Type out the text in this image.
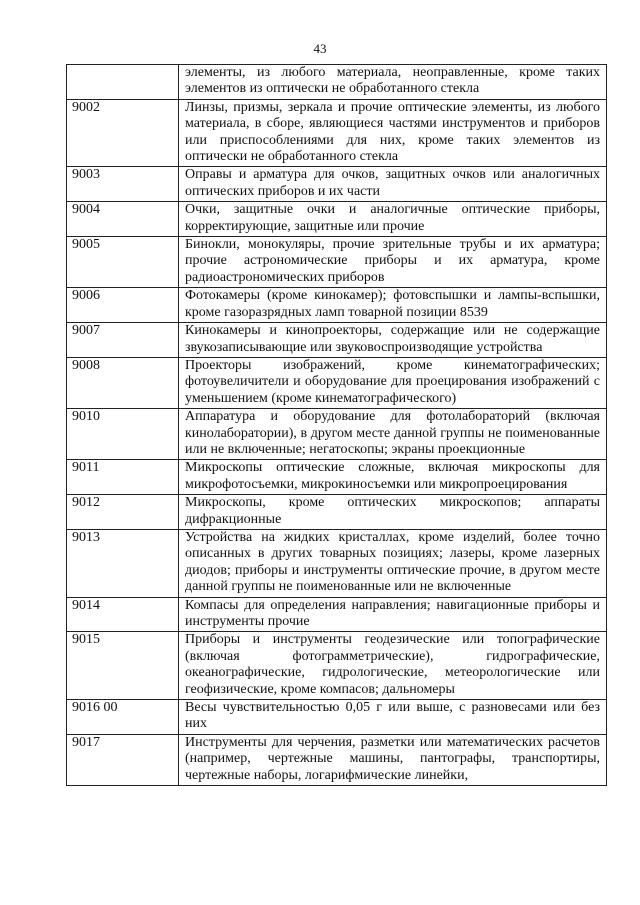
43
	элементы, из любого материала, неоправленные, кроме таких элементов из оптически не обработанного стекла
9002	Линзы, призмы, зеркала и прочие оптические элементы, из любого материала, в сборе, являющиеся частями инструментов и приборов или приспособлениями для них, кроме таких элементов из оптически не обработанного стекла
9003	Оправы и арматура для очков, защитных очков или аналогичных оптических приборов и их части
9004	Очки, защитные очки и аналогичные оптические приборы, корректирующие, защитные или прочие
9005	Бинокли, монокуляры, прочие зрительные трубы и их арматура; прочие астрономические приборы и их арматура, кроме радиоастрономических приборов
9006	Фотокамеры (кроме кинокамер); фотовспышки и лампы-вспышки, кроме газоразрядных ламп товарной позиции 8539
9007	Кинокамеры и кинопроекторы, содержащие или не содержащие звукозаписывающие или звуковоспроизводящие устройства
9008	Проекторы изображений, кроме кинематографических; фотоувеличители и оборудование для проецирования изображений с уменьшением (кроме кинематографического)
9010	Аппаратура и оборудование для фотолабораторий (включая кинолаборатории), в другом месте данной группы не поименованные или не включенные; негатоскопы; экраны проекционные
9011	Микроскопы оптические сложные, включая микроскопы для микрофотосъемки, микрокиносъемки или микропроецирования
9012	Микроскопы, кроме оптических микроскопов; аппараты дифракционные
9013	Устройства на жидких кристаллах, кроме изделий, более точно описанных в других товарных позициях; лазеры, кроме лазерных диодов; приборы и инструменты оптические прочие, в другом месте данной группы не поименованные или не включенные
9014	Компасы для определения направления; навигационные приборы и инструменты прочие
9015	Приборы и инструменты геодезические или топографические (включая фотограмметрические), гидрографические, океанографические, гидрологические, метеорологические или геофизические, кроме компасов; дальномеры
9016 00	Весы чувствительностью 0,05 г или выше, с разновесами или без них
9017	Инструменты для черчения, разметки или математических расчетов (например, чертежные машины, пантографы, транспортиры, чертежные наборы, логарифмические линейки,
